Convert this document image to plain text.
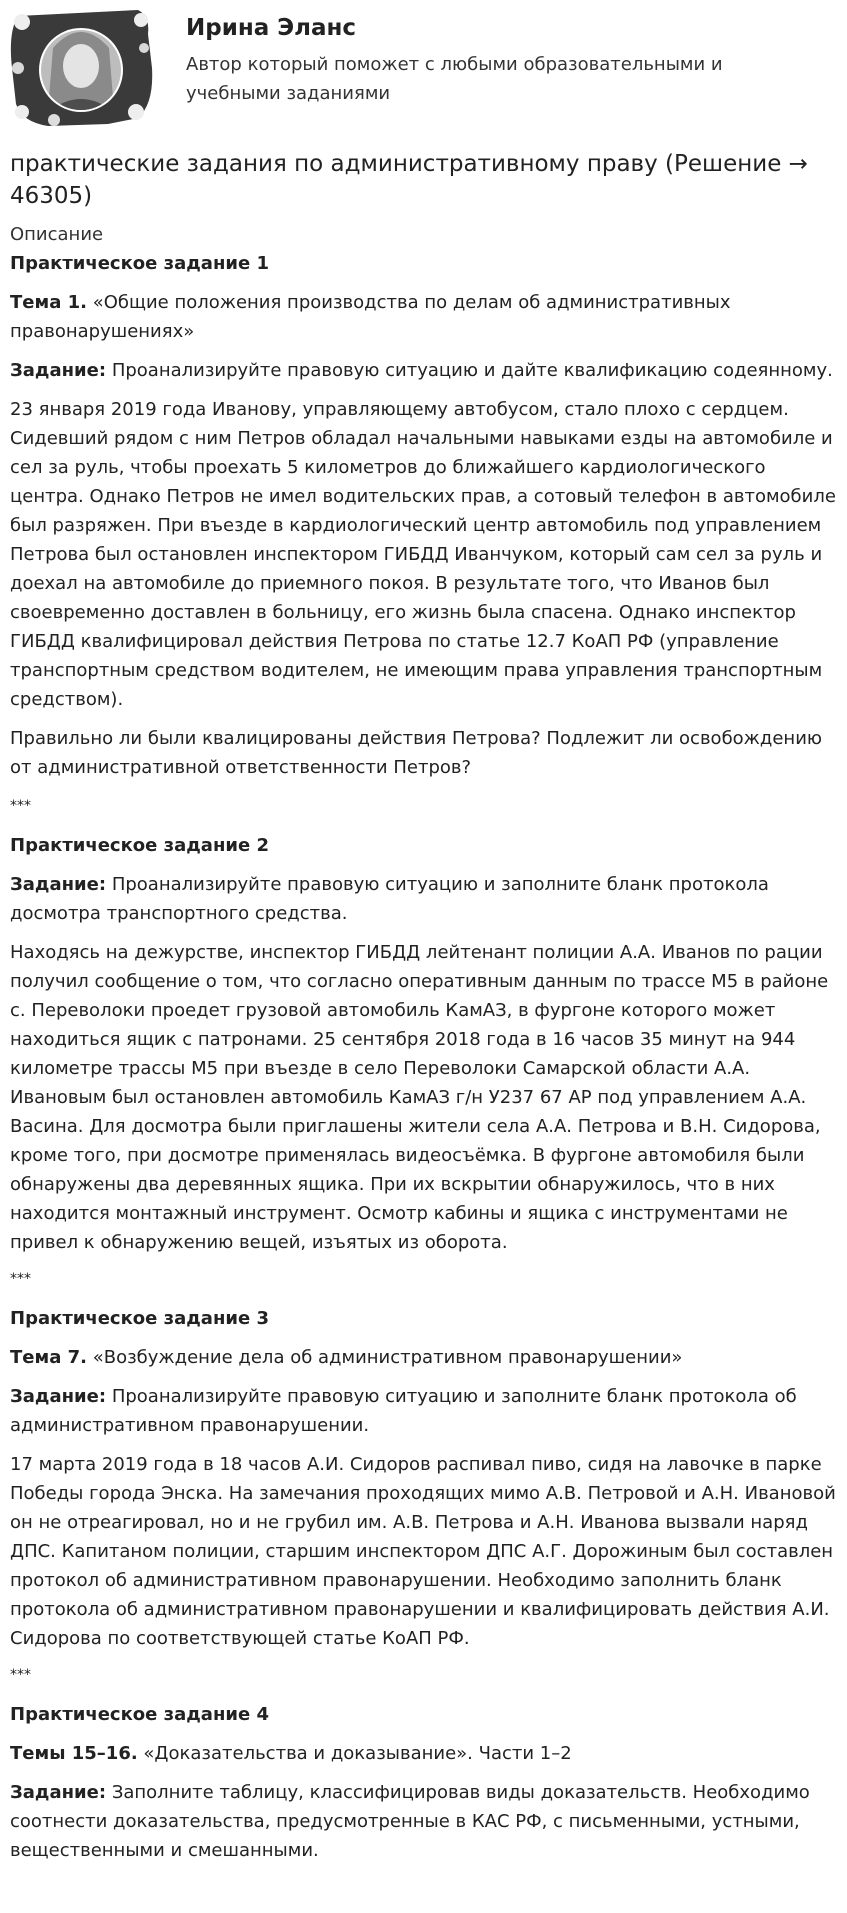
Ирина Эланс
Автор который поможет с любыми образовательными и учебными заданиями
практические задания по административному праву (Решение → 46305)
Описание
Практическое задание 1

Тема 1. «Общие положения производства по делам об административных правонарушениях»

Задание: Проанализируйте правовую ситуацию и дайте квалификацию содеянному.

23 января 2019 года Иванову, управляющему автобусом, стало плохо с сердцем. Сидевший рядом с ним Петров обладал начальными навыками езды на автомобиле и сел за руль, чтобы проехать 5 километров до ближайшего кардиологического центра. Однако Петров не имел водительских прав, а сотовый телефон в автомобиле был разряжен. При въезде в кардиологический центр автомобиль под управлением Петрова был остановлен инспектором ГИБДД Иванчуком, который сам сел за руль и доехал на автомобиле до приемного покоя. В результате того, что Иванов был своевременно доставлен в больницу, его жизнь была спасена. Однако инспектор ГИБДД квалифицировал действия Петрова по статье 12.7 КоАП РФ (управление транспортным средством водителем, не имеющим права управления транспортным средством).

Правильно ли были квалицированы действия Петрова? Подлежит ли освобождению от административной ответственности Петров?

***
Практическое задание 2

Задание: Проанализируйте правовую ситуацию и заполните бланк протокола досмотра транспортного средства.

Находясь на дежурстве, инспектор ГИБДД лейтенант полиции А.А. Иванов по рации получил сообщение о том, что согласно оперативным данным по трассе М5 в районе с. Переволоки проедет грузовой автомобиль КамАЗ, в фургоне которого может находиться ящик с патронами. 25 сентября 2018 года в 16 часов 35 минут на 944 километре трассы М5 при въезде в село Переволоки Самарской области А.А. Ивановым был остановлен автомобиль КамАЗ г/н У237 67 АР под управлением А.А. Васина. Для досмотра были приглашены жители села А.А. Петрова и В.Н. Сидорова, кроме того, при досмотре применялась видеосъёмка. В фургоне автомобиля были обнаружены два деревянных ящика. При их вскрытии обнаружилось, что в них находится монтажный инструмент. Осмотр кабины и ящика с инструментами не привел к обнаружению вещей, изъятых из оборота.

***
Практическое задание 3

Тема 7. «Возбуждение дела об административном правонарушении»

Задание: Проанализируйте правовую ситуацию и заполните бланк протокола об административном правонарушении.

17 марта 2019 года в 18 часов А.И. Сидоров распивал пиво, сидя на лавочке в парке Победы города Энска. На замечания проходящих мимо А.В. Петровой и А.Н. Ивановой он не отреагировал, но и не грубил им. А.В. Петрова и А.Н. Иванова вызвали наряд ДПС. Капитаном полиции, старшим инспектором ДПС А.Г. Дорожиным был составлен протокол об административном правонарушении. Необходимо заполнить бланк протокола об административном правонарушении и квалифицировать действия А.И. Сидорова по соответствующей статье КоАП РФ.

***
Практическое задание 4

Темы 15–16. «Доказательства и доказывание». Части 1–2

Задание: Заполните таблицу, классифицировав виды доказательств. Необходимо соотнести доказательства, предусмотренные в КАС РФ, с письменными, устными, вещественными и смешанными.
